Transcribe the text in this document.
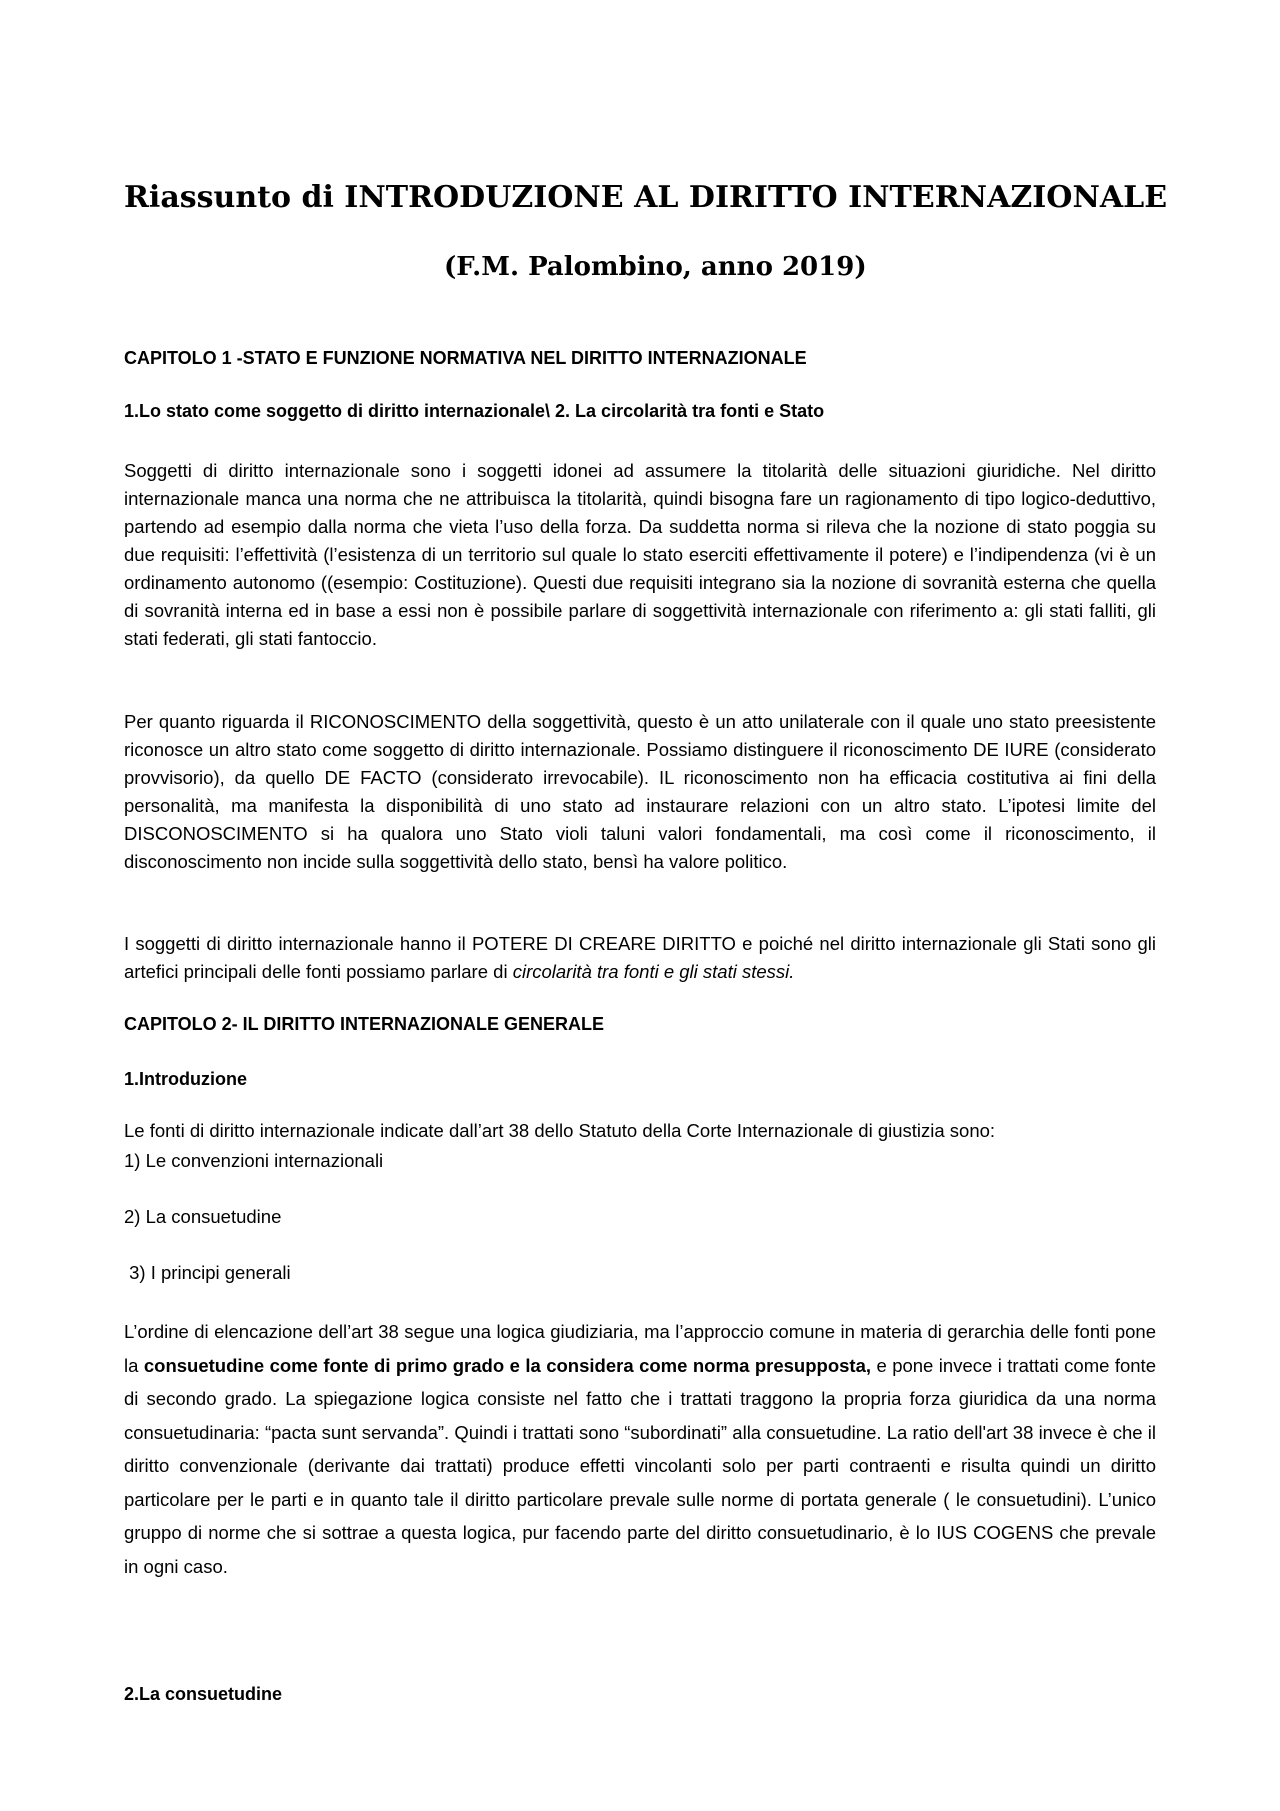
Riassunto di INTRODUZIONE AL DIRITTO INTERNAZIONALE
(F.M. Palombino, anno 2019)
CAPITOLO 1 -STATO E FUNZIONE NORMATIVA NEL DIRITTO INTERNAZIONALE
1.Lo stato come soggetto di diritto internazionale\ 2. La circolarità tra fonti e Stato

Soggetti di diritto internazionale sono i soggetti idonei ad assumere la titolarità delle situazioni giuridiche. Nel diritto internazionale manca una norma che ne attribuisca la titolarità, quindi bisogna fare un ragionamento di tipo logico-deduttivo, partendo ad esempio dalla norma che vieta l’uso della forza. Da suddetta norma si rileva che la nozione di stato poggia su due requisiti: l’effettività (l’esistenza di un territorio sul quale lo stato eserciti effettivamente il potere) e l’indipendenza (vi è un ordinamento autonomo ((esempio: Costituzione). Questi due requisiti integrano sia la nozione di sovranità esterna che quella di sovranità interna ed in base a essi non è possibile parlare di soggettività internazionale con riferimento a: gli stati falliti, gli stati federati, gli stati fantoccio.

Per quanto riguarda il RICONOSCIMENTO della soggettività, questo è un atto unilaterale con il quale uno stato preesistente riconosce un altro stato come soggetto di diritto internazionale. Possiamo distinguere il riconoscimento DE IURE (considerato provvisorio), da quello DE FACTO (considerato irrevocabile). IL riconoscimento non ha efficacia costitutiva ai fini della personalità, ma manifesta la disponibilità di uno stato ad instaurare relazioni con un altro stato. L’ipotesi limite del DISCONOSCIMENTO si ha qualora uno Stato violi taluni valori fondamentali, ma così come il riconoscimento, il disconoscimento non incide sulla soggettività dello stato, bensì ha valore politico.

I soggetti di diritto internazionale hanno il POTERE DI CREARE DIRITTO e poiché nel diritto internazionale gli Stati sono gli artefici principali delle fonti possiamo parlare di circolarità tra fonti e gli stati stessi.

CAPITOLO 2- IL DIRITTO INTERNAZIONALE GENERALE
1.Introduzione

Le fonti di diritto internazionale indicate dall’art 38 dello Statuto della Corte Internazionale di giustizia sono:

1) Le convenzioni internazionali

2) La consuetudine

3) I principi generali

L’ordine di elencazione dell’art 38 segue una logica giudiziaria, ma l’approccio comune in materia di gerarchia delle fonti pone la consuetudine come fonte di primo grado e la considera come norma presupposta, e pone invece i trattati come fonte di secondo grado. La spiegazione logica consiste nel fatto che i trattati traggono la propria forza giuridica da una norma consuetudinaria: “pacta sunt servanda”. Quindi i trattati sono “subordinati” alla consuetudine. La ratio dell'art 38 invece è che il diritto convenzionale (derivante dai trattati) produce effetti vincolanti solo per parti contraenti e risulta quindi un diritto particolare per le parti e in quanto tale il diritto particolare prevale sulle norme di portata generale ( le consuetudini). L’unico gruppo di norme che si sottrae a questa logica, pur facendo parte del diritto consuetudinario, è lo IUS COGENS che prevale in ogni caso.

2.La consuetudine
